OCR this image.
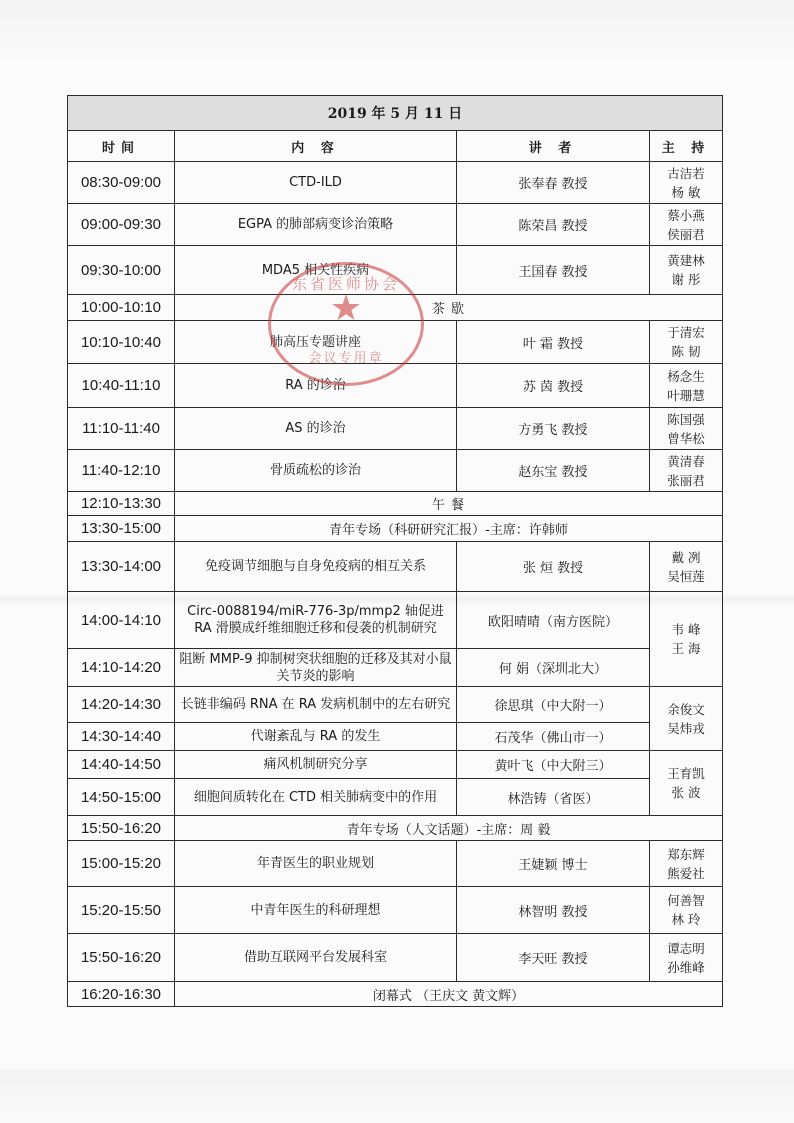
2019 年 5 月 11 日			
时间	内 容	讲 者	主 持
08:30-09:00	CTD-ILD	张奉春 教授	古洁若
杨 敏

09:00-09:30	EGPA 的肺部病变诊治策略	陈荣昌 教授	蔡小燕
侯丽君

09:30-10:00	MDA5 相关性疾病	王国春 教授	黄建林
谢 彤

10:00-10:10	茶 歇		
10:10-10:40	肺高压专题讲座	叶 霜 教授	于清宏
陈 韧

10:40-11:10	RA 的诊治	苏 茵 教授	杨念生
叶珊慧

11:10-11:40	AS 的诊治	方勇飞 教授	陈国强
曾华松

11:40-12:10	骨质疏松的诊治	赵东宝 教授	黄清春
张丽君

12:10-13:30	午 餐		
13:30-15:00	青年专场（科研研究汇报）-主席：许韩师		
13:30-14:00	免疫调节细胞与自身免疫病的相互关系	张 烜 教授	戴 冽
吴恒莲

14:00-14:10	Circ-0088194/miR-776-3p/mmp2 轴促进 RA 滑膜成纤维细胞迁移和侵袭的机制研究	欧阳晴晴（南方医院）	韦 峰
王 海

14:10-14:20	阻断 MMP-9 抑制树突状细胞的迁移及其对小鼠关节炎的影响	何 娟（深圳北大）	
14:20-14:30	长链非编码 RNA 在 RA 发病机制中的左右研究	徐思琪（中大附一）	余俊文
吴炜戎

14:30-14:40	代谢紊乱与 RA 的发生	石茂华（佛山市一）	
14:40-14:50	痛风机制研究分享	黄叶飞（中大附三）	王育凯
张 波

14:50-15:00	细胞间质转化在 CTD 相关肺病变中的作用	林浩铸（省医）	
15:50-16:20	青年专场（人文话题）-主席：周 毅		
15:00-15:20	年青医生的职业规划	王婕颖 博士	郑东辉
熊爱社

15:20-15:50	中青年医生的科研理想	林智明 教授	何善智
林 玲

15:50-16:20	借助互联网平台发展科室	李天旺 教授	谭志明
孙维峰

16:20-16:30	闭幕式 （王庆文 黄文辉）		
东省医师协会
★
会议专用章
